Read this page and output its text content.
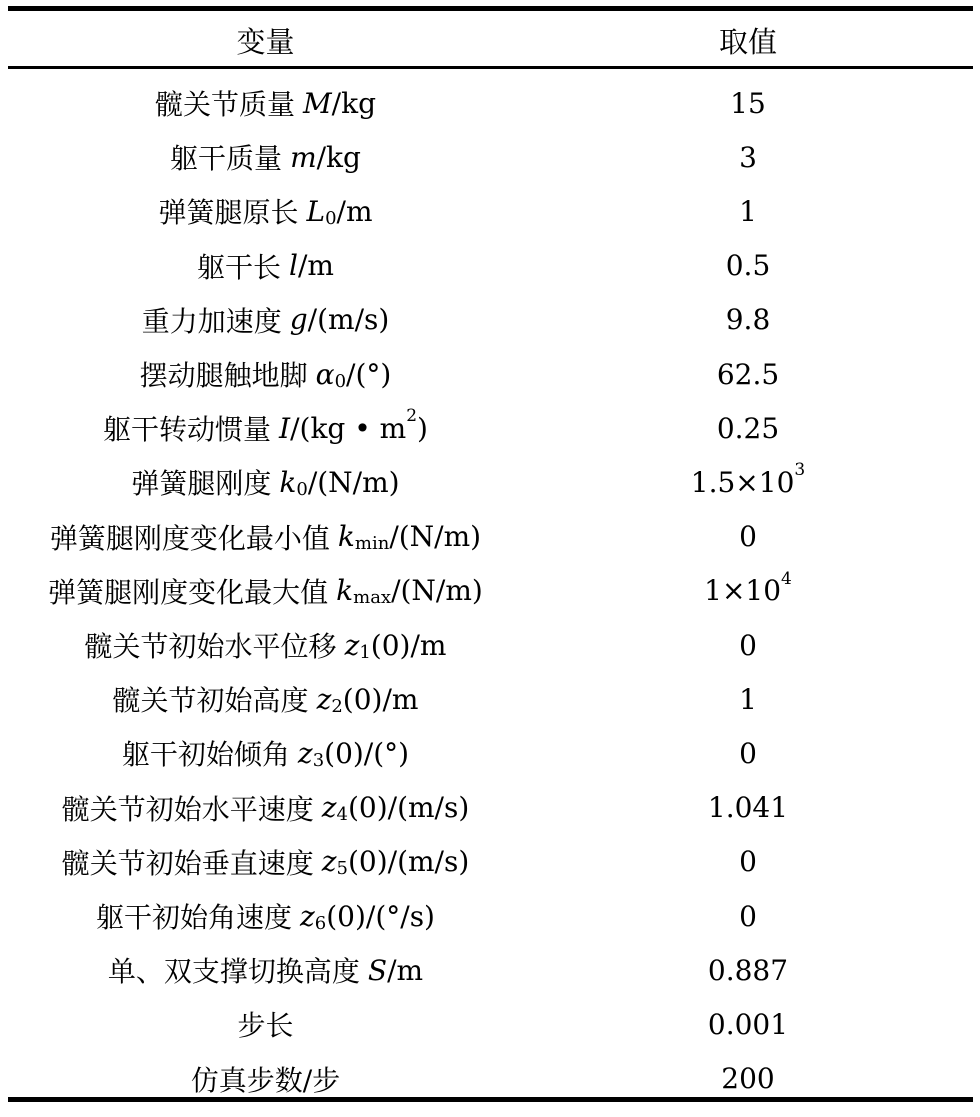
变量	取值
髋关节质量 M /kg	15
躯干质量 m /kg	3
弹簧腿原长 L 0 /m	1
躯干长 l /m	0.5
重力加速度 g /(m/s)	9.8
摆动腿触地脚 α 0 /(°)	62.5
躯干转动惯量 I /(kg • m 2 )	0.25
弹簧腿刚度 k 0 /(N/m)	1.5×10 3
弹簧腿刚度变化最小值 k min /(N/m)	0
弹簧腿刚度变化最大值 k max /(N/m)	1×10 4
髋关节初始水平位移 z 1 (0)/m	0
髋关节初始高度 z 2 (0)/m	1
躯干初始倾角 z 3 (0)/(°)	0
髋关节初始水平速度 z 4 (0)/(m/s)	1.041
髋关节初始垂直速度 z 5 (0)/(m/s)	0
躯干初始角速度 z 6 (0)/(°/s)	0
单、双支撑切换高度 S /m	0.887
步长	0.001
仿真步数/步	200
